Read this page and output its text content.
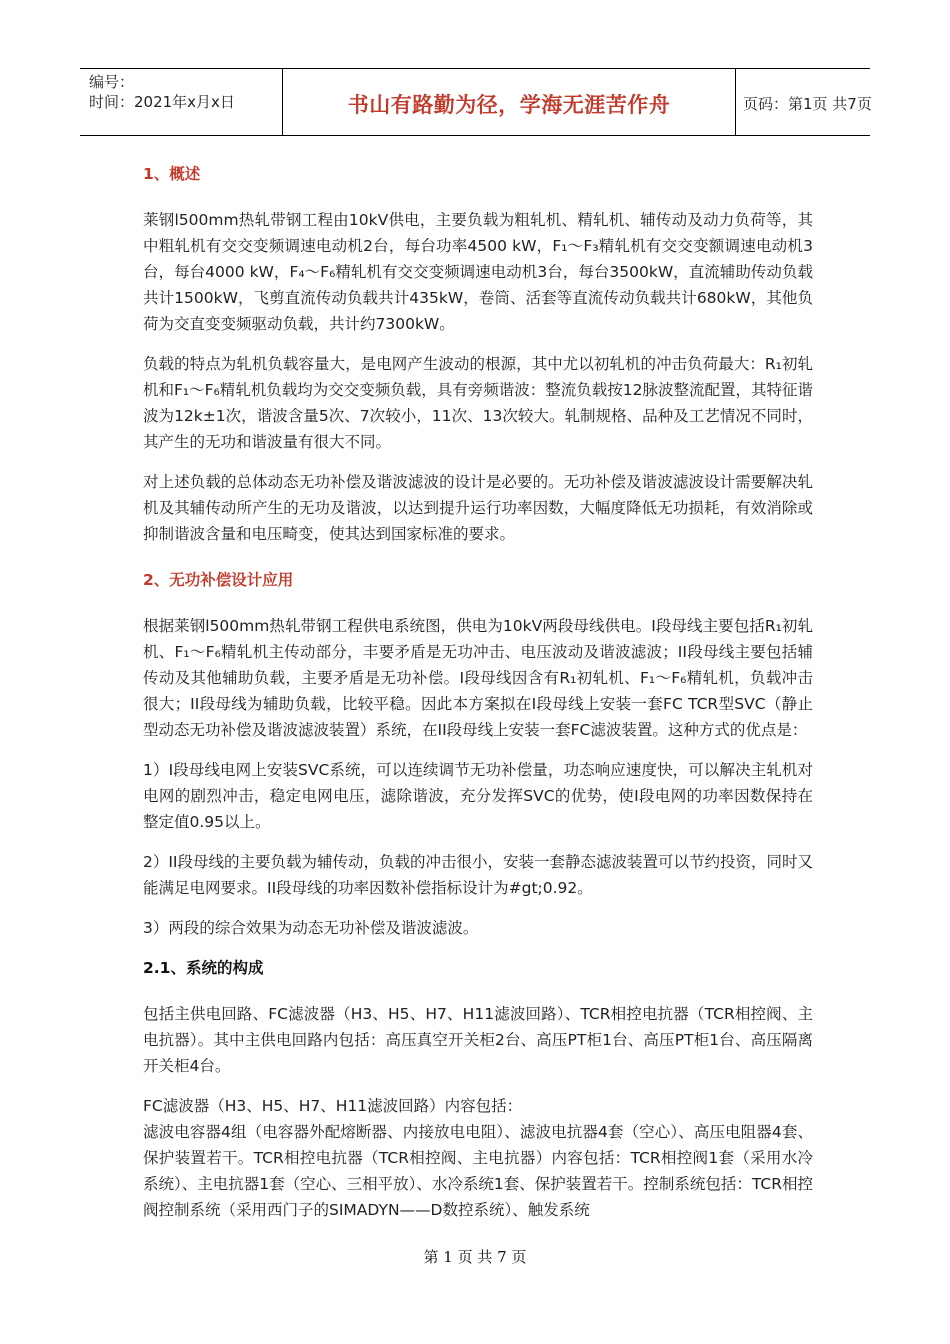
编号：
时间：2021年x月x日	书山有路勤为径，学海无涯苦作舟	页码：第1页 共7页
1、概述

莱钢l500mm热轧带钢工程由10kV供电，主要负载为粗轧机、精轧机、辅传动及动力负荷等，其中粗轧机有交交变频调速电动机2台，每台功率4500 kW，F₁～F₃精轧机有交交变额调速电动机3台，每台4000 kW，F₄～F₆精轧机有交交变频调速电动机3台，每台3500kW，直流辅助传动负载共计1500kW，飞剪直流传动负载共计435kW，卷筒、活套等直流传动负载共计680kW，其他负荷为交直变变频驱动负载，共计约7300kW。

负载的特点为轧机负载容量大，是电网产生波动的根源，其中尤以初轧机的冲击负荷最大：R₁初轧机和F₁～F₆精轧机负载均为交交变频负载，具有旁频谐波：整流负载按12脉波整流配置，其特征谐波为12k±1次，谐波含量5次、7次较小，11次、13次较大。轧制规格、品种及工艺情况不同时，其产生的无功和谐波量有很大不同。

对上述负载的总体动态无功补偿及谐波滤波的设计是必要的。无功补偿及谐波滤波设计需要解决轧机及其辅传动所产生的无功及谐波，以达到提升运行功率因数，大幅度降低无功损耗，有效消除或抑制谐波含量和电压畸变，使其达到国家标准的要求。

2、无功补偿设计应用

根据莱钢l500mm热轧带钢工程供电系统图，供电为10kV两段母线供电。I段母线主要包括R₁初轧机、F₁～F₆精轧机主传动部分，丰要矛盾是无功冲击、电压波动及谐波滤波；II段母线主要包括辅传动及其他辅助负载，主要矛盾是无功补偿。I段母线因含有R₁初轧机、F₁～F₆精轧机，负载冲击很大；II段母线为辅助负载，比较平稳。因此本方案拟在I段母线上安装一套FC TCR型SVC（静止型动态无功补偿及谐波滤波装置）系统，在II段母线上安装一套FC滤波装置。这种方式的优点是：

1）I段母线电网上安装SVC系统，可以连续调节无功补偿量，功态响应速度快，可以解决主轧机对电网的剧烈冲击，稳定电网电压，滤除谐波，充分发挥SVC的优势，使I段电网的功率因数保持在整定值0.95以上。

2）II段母线的主要负载为辅传动，负载的冲击很小，安装一套静态滤波装置可以节约投资，同时又能满足电网要求。II段母线的功率因数补偿指标设计为#gt;0.92。

3）两段的综合效果为动态无功补偿及谐波滤波。

2.1、系统的构成

包括主供电回路、FC滤波器（H3、H5、H7、H11滤波回路）、TCR相控电抗器（TCR相控阀、主电抗器）。其中主供电回路内包括：高压真空开关柜2台、高压PT柜1台、高压PT柜1台、高压隔离开关柜4台。

FC滤波器（H3、H5、H7、H11滤波回路）内容包括：

滤波电容器4组（电容器外配熔断器、内接放电电阻）、滤波电抗器4套（空心）、高压电阻器4套、保护装置若干。TCR相控电抗器（TCR相控阀、主电抗器）内容包括：TCR相控阀1套（采用水冷系统）、主电抗器1套（空心、三相平放）、水冷系统1套、保护装置若干。控制系统包括：TCR相控阀控制系统（采用西门子的SIMADYN——D数控系统）、触发系统

第 1 页 共 7 页
